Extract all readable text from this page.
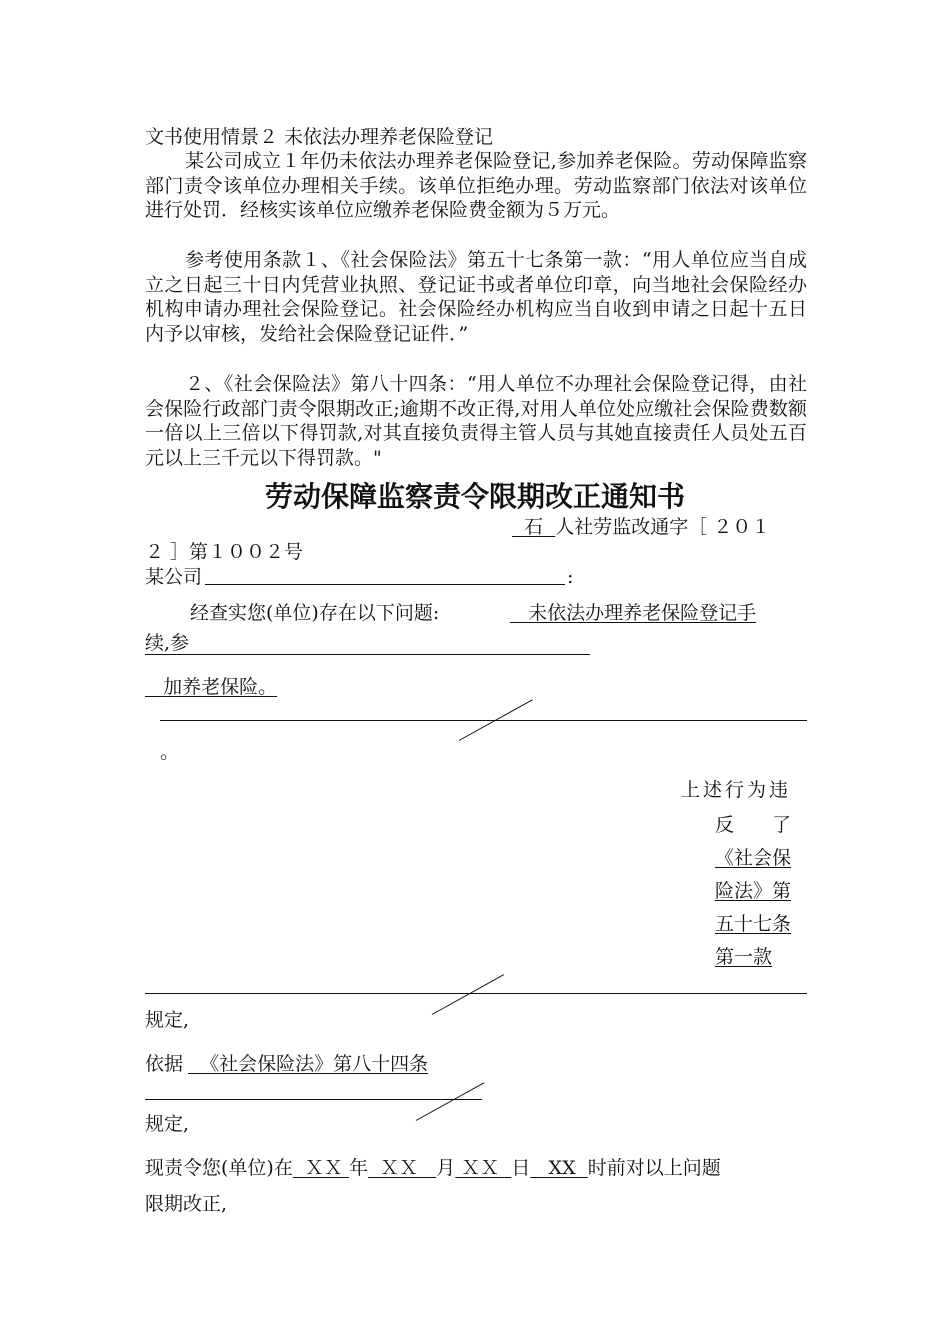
文书使用情景２ 未依法办理养老保险登记
某公司成立１年仍未依法办理养老保险登记,参加养老保险。劳动保障监察部门责令该单位办理相关手续。该单位拒绝办理。劳动监察部门依法对该单位进行处罚．经核实该单位应缴养老保险费金额为５万元。
参考使用条款１、《社会保险法》第五十七条第一款：“用人单位应当自成立之日起三十日内凭营业执照、登记证书或者单位印章，向当地社会保险经办机构申请办理社会保险登记。社会保险经办机构应当自收到申请之日起十五日内予以审核，发给社会保险登记证件．”
２、《社会保险法》第八十四条：“用人单位不办理社会保险登记得，由社会保险行政部门责令限期改正;逾期不改正得,对用人单位处应缴社会保险费数额一倍以上三倍以下得罚款,对其直接负责得主管人员与其她直接责任人员处五百元以上三千元以下得罚款。"
劳动保障监察责令限期改正通知书
石 人社劳监改通字［ ２０１
２ ］第１００２号
某公司	:
经查实您(单位)存在以下问题:	未依法办理养老保险登记手
续,参
加养老保险。
。
上述行为违
反　　了
《社会保
险法》第
五十七条
第一款
规定,
依据 《社会保险法》第八十四条
规定,
现责令您(单位)在 ＸＸ 年 ＸＸ 月 ＸＸ 日 XX 时前对以上问题
限期改正,
